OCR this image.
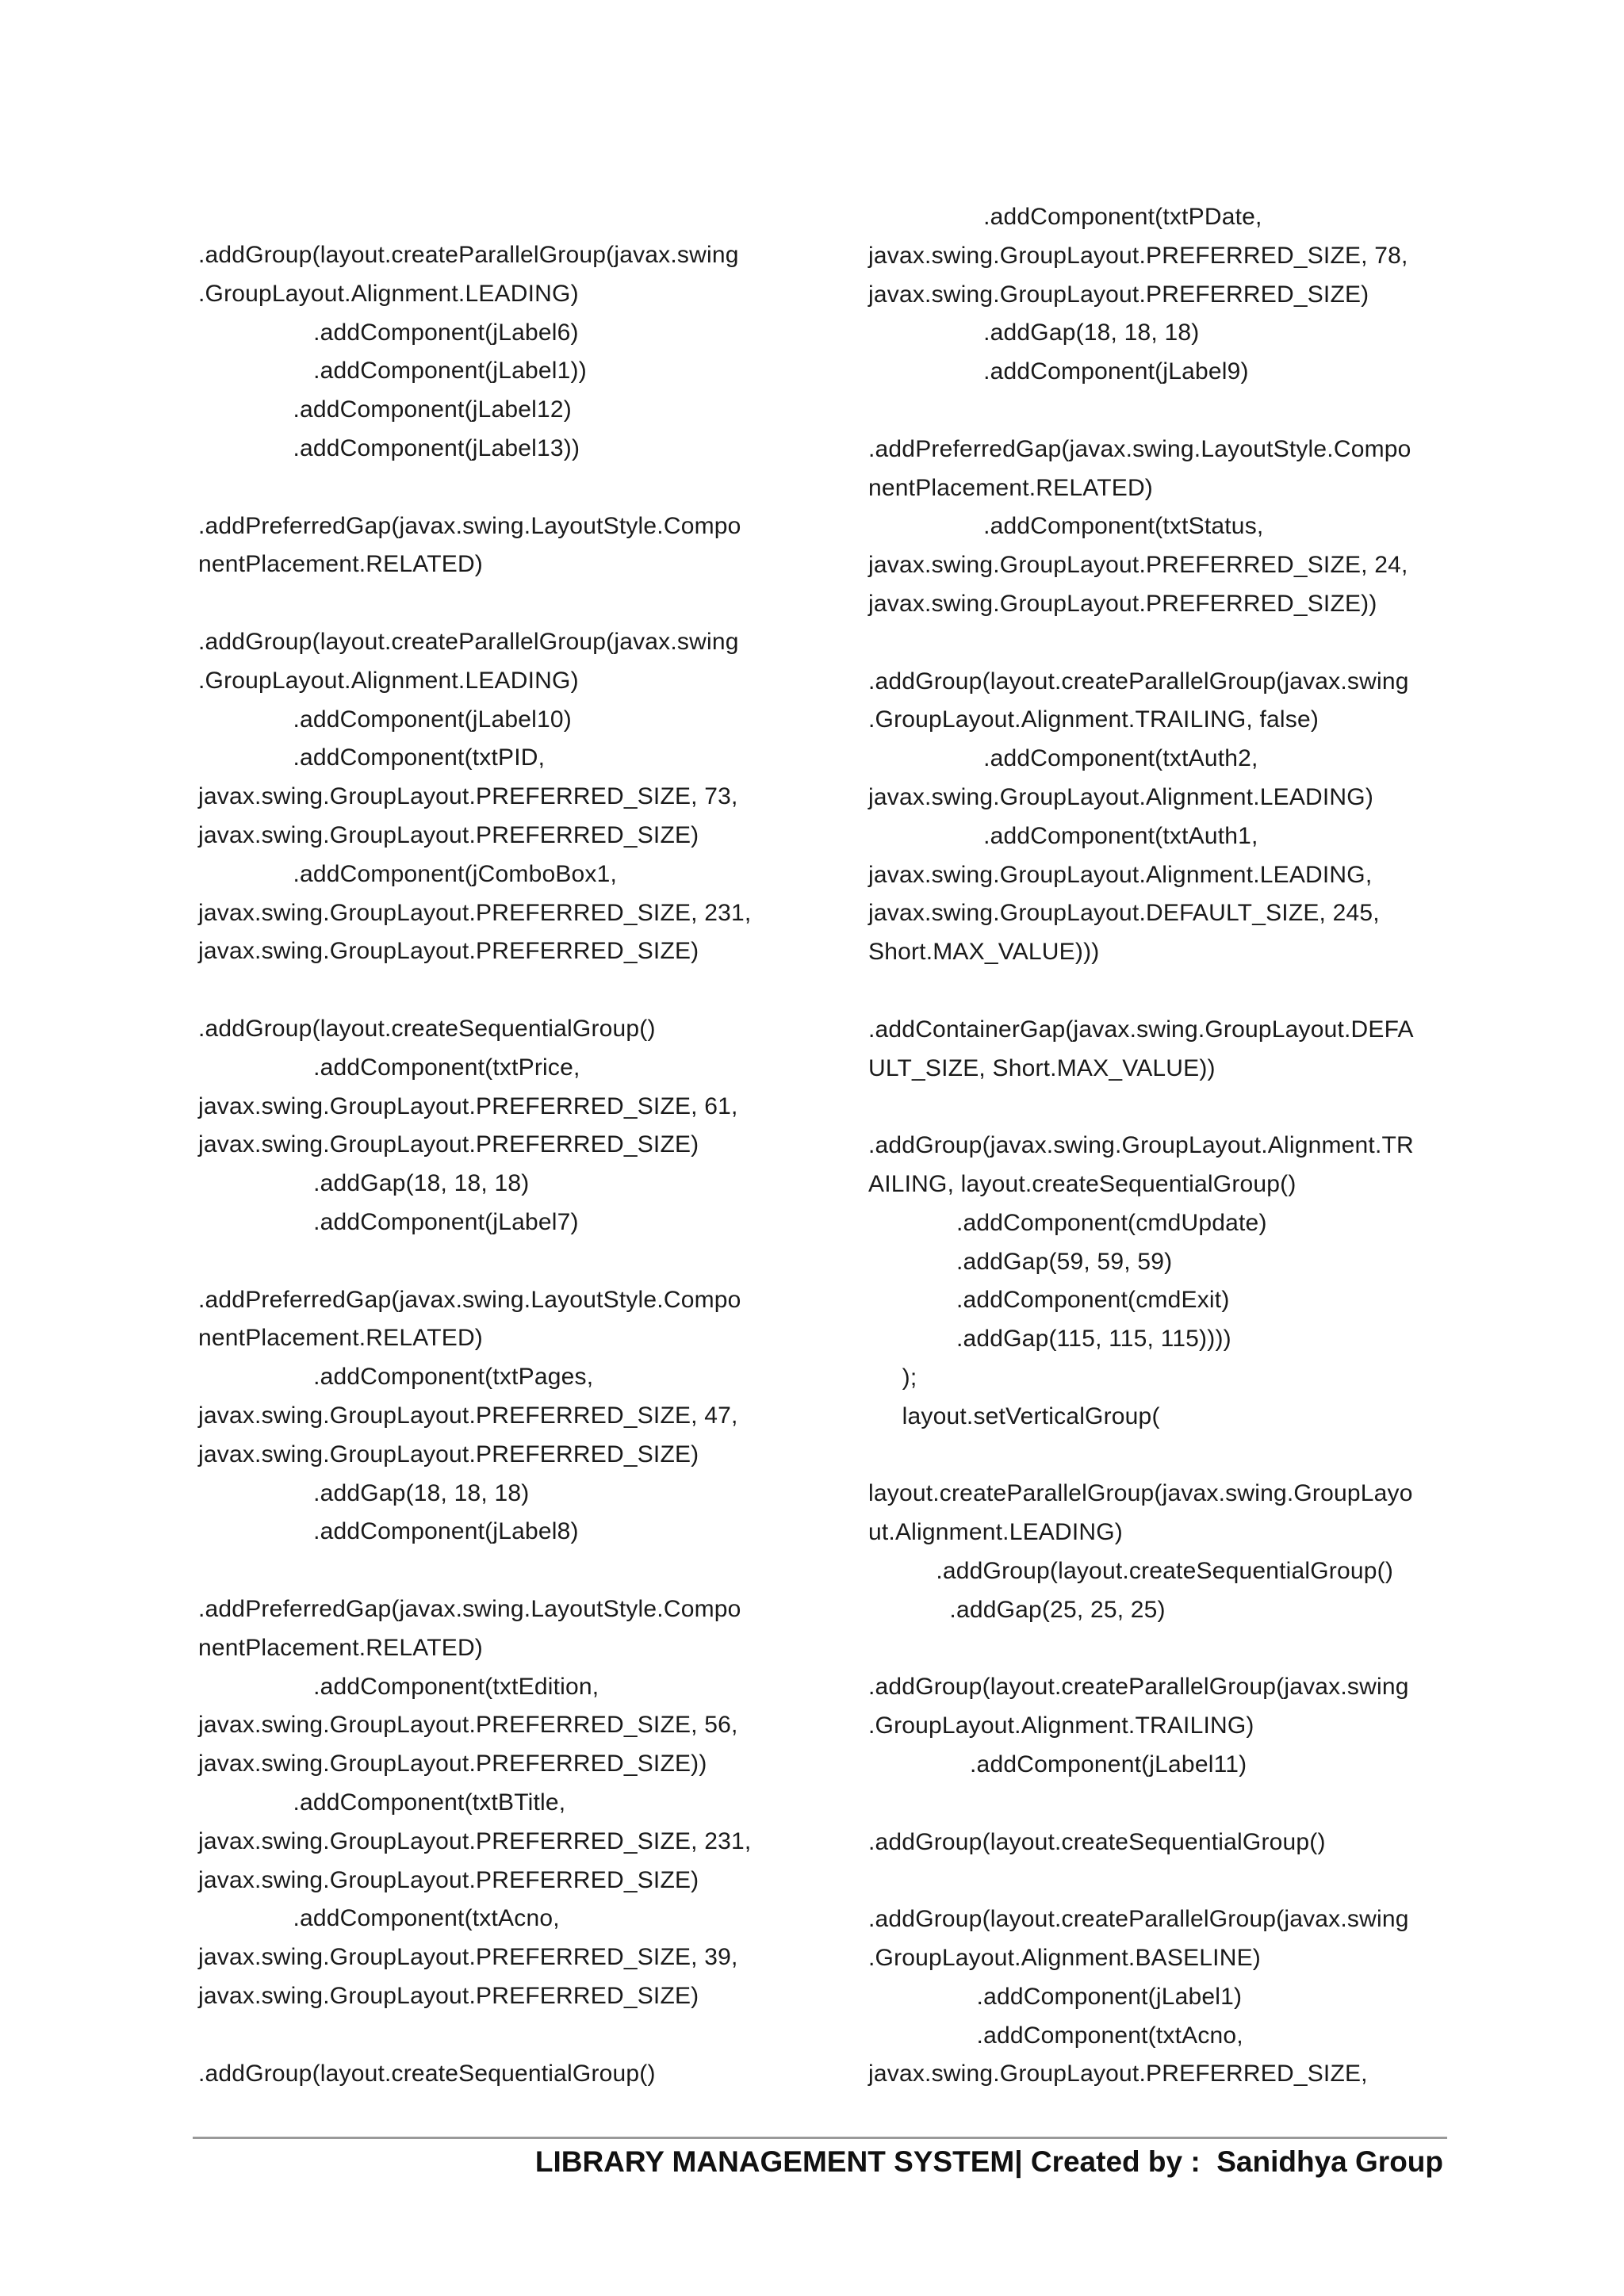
.addGroup(layout.createParallelGroup(javax.swing
.GroupLayout.Alignment.LEADING)
.addComponent(jLabel6)
.addComponent(jLabel1))
.addComponent(jLabel12)
.addComponent(jLabel13))
.addPreferredGap(javax.swing.LayoutStyle.Compo
nentPlacement.RELATED)
.addGroup(layout.createParallelGroup(javax.swing
.GroupLayout.Alignment.LEADING)
.addComponent(jLabel10)
.addComponent(txtPID,
javax.swing.GroupLayout.PREFERRED_SIZE, 73,
javax.swing.GroupLayout.PREFERRED_SIZE)
.addComponent(jComboBox1,
javax.swing.GroupLayout.PREFERRED_SIZE, 231,
javax.swing.GroupLayout.PREFERRED_SIZE)
.addGroup(layout.createSequentialGroup()
.addComponent(txtPrice,
javax.swing.GroupLayout.PREFERRED_SIZE, 61,
javax.swing.GroupLayout.PREFERRED_SIZE)
.addGap(18, 18, 18)
.addComponent(jLabel7)
.addPreferredGap(javax.swing.LayoutStyle.Compo
nentPlacement.RELATED)
.addComponent(txtPages,
javax.swing.GroupLayout.PREFERRED_SIZE, 47,
javax.swing.GroupLayout.PREFERRED_SIZE)
.addGap(18, 18, 18)
.addComponent(jLabel8)
.addPreferredGap(javax.swing.LayoutStyle.Compo
nentPlacement.RELATED)
.addComponent(txtEdition,
javax.swing.GroupLayout.PREFERRED_SIZE, 56,
javax.swing.GroupLayout.PREFERRED_SIZE))
.addComponent(txtBTitle,
javax.swing.GroupLayout.PREFERRED_SIZE, 231,
javax.swing.GroupLayout.PREFERRED_SIZE)
.addComponent(txtAcno,
javax.swing.GroupLayout.PREFERRED_SIZE, 39,
javax.swing.GroupLayout.PREFERRED_SIZE)
.addGroup(layout.createSequentialGroup()
.addComponent(txtPDate,
javax.swing.GroupLayout.PREFERRED_SIZE, 78,
javax.swing.GroupLayout.PREFERRED_SIZE)
.addGap(18, 18, 18)
.addComponent(jLabel9)
.addPreferredGap(javax.swing.LayoutStyle.Compo
nentPlacement.RELATED)
.addComponent(txtStatus,
javax.swing.GroupLayout.PREFERRED_SIZE, 24,
javax.swing.GroupLayout.PREFERRED_SIZE))
.addGroup(layout.createParallelGroup(javax.swing
.GroupLayout.Alignment.TRAILING, false)
.addComponent(txtAuth2,
javax.swing.GroupLayout.Alignment.LEADING)
.addComponent(txtAuth1,
javax.swing.GroupLayout.Alignment.LEADING,
javax.swing.GroupLayout.DEFAULT_SIZE, 245,
Short.MAX_VALUE)))
.addContainerGap(javax.swing.GroupLayout.DEFA
ULT_SIZE, Short.MAX_VALUE))
.addGroup(javax.swing.GroupLayout.Alignment.TR
AILING, layout.createSequentialGroup()
.addComponent(cmdUpdate)
.addGap(59, 59, 59)
.addComponent(cmdExit)
.addGap(115, 115, 115))))
);
layout.setVerticalGroup(
layout.createParallelGroup(javax.swing.GroupLayo
ut.Alignment.LEADING)
.addGroup(layout.createSequentialGroup()
.addGap(25, 25, 25)
.addGroup(layout.createParallelGroup(javax.swing
.GroupLayout.Alignment.TRAILING)
.addComponent(jLabel11)
.addGroup(layout.createSequentialGroup()
.addGroup(layout.createParallelGroup(javax.swing
.GroupLayout.Alignment.BASELINE)
.addComponent(jLabel1)
.addComponent(txtAcno,
javax.swing.GroupLayout.PREFERRED_SIZE,
LIBRARY MANAGEMENT SYSTEM| Created by :  Sanidhya Group
